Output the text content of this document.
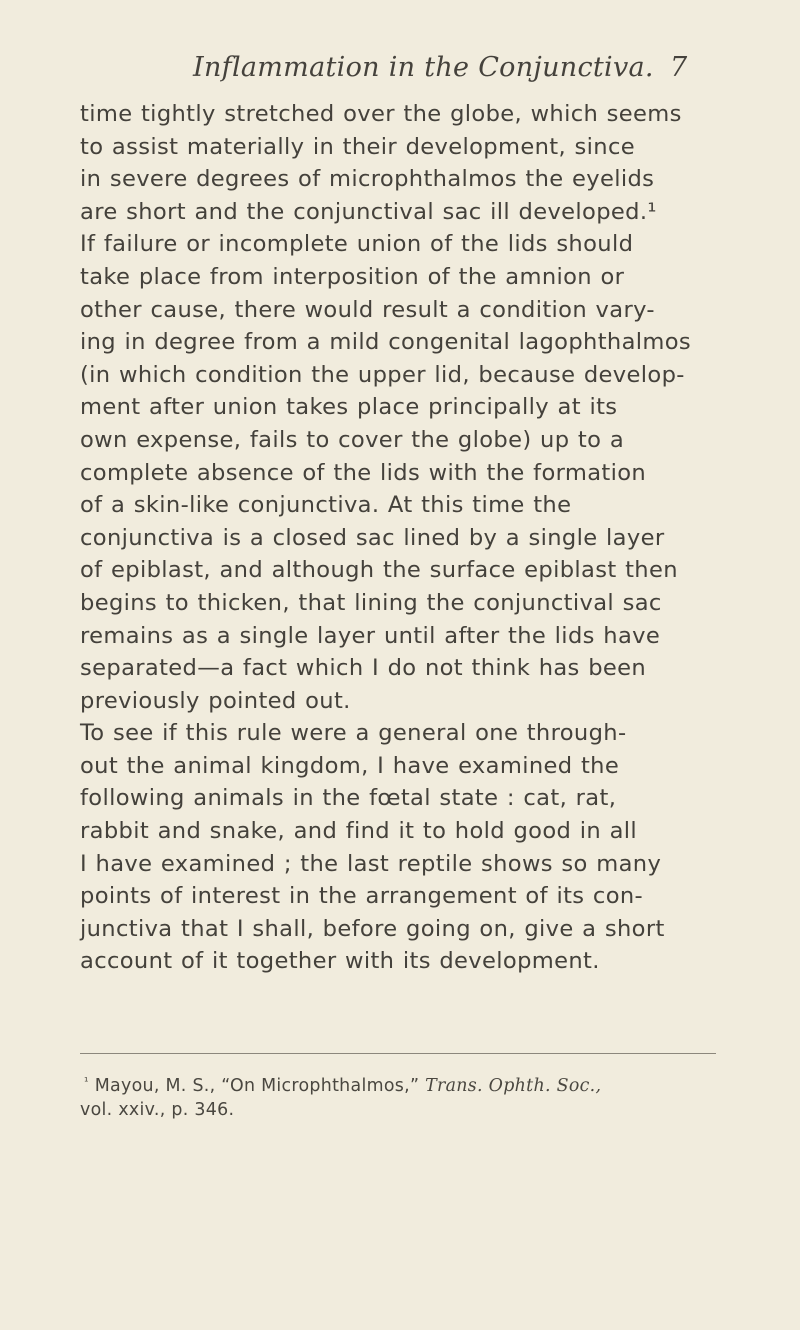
Inflammation in the Conjunctiva. 7
time tightly stretched over the globe, which seems
to assist materially in their development, since
in severe degrees of microphthalmos the eyelids
are short and the conjunctival sac ill developed.¹
If failure or incomplete union of the lids should
take place from interposition of the amnion or
other cause, there would result a condition vary-
ing in degree from a mild congenital lagophthalmos
(in which condition the upper lid, because develop-
ment after union takes place principally at its
own expense, fails to cover the globe) up to a
complete absence of the lids with the formation
of a skin-like conjunctiva. At this time the
conjunctiva is a closed sac lined by a single layer
of epiblast, and although the surface epiblast then
begins to thicken, that lining the conjunctival sac
remains as a single layer until after the lids have
separated—a fact which I do not think has been
previously pointed out.
To see if this rule were a general one through-
out the animal kingdom, I have examined the
following animals in the fœtal state : cat, rat,
rabbit and snake, and find it to hold good in all
I have examined ; the last reptile shows so many
points of interest in the arrangement of its con-
junctiva that I shall, before going on, give a short
account of it together with its development.
$^{^1}$ Mayou, M. S., “On Microphthalmos,” Trans. Ophth. Soc.,
vol. xxiv., p. 346.
